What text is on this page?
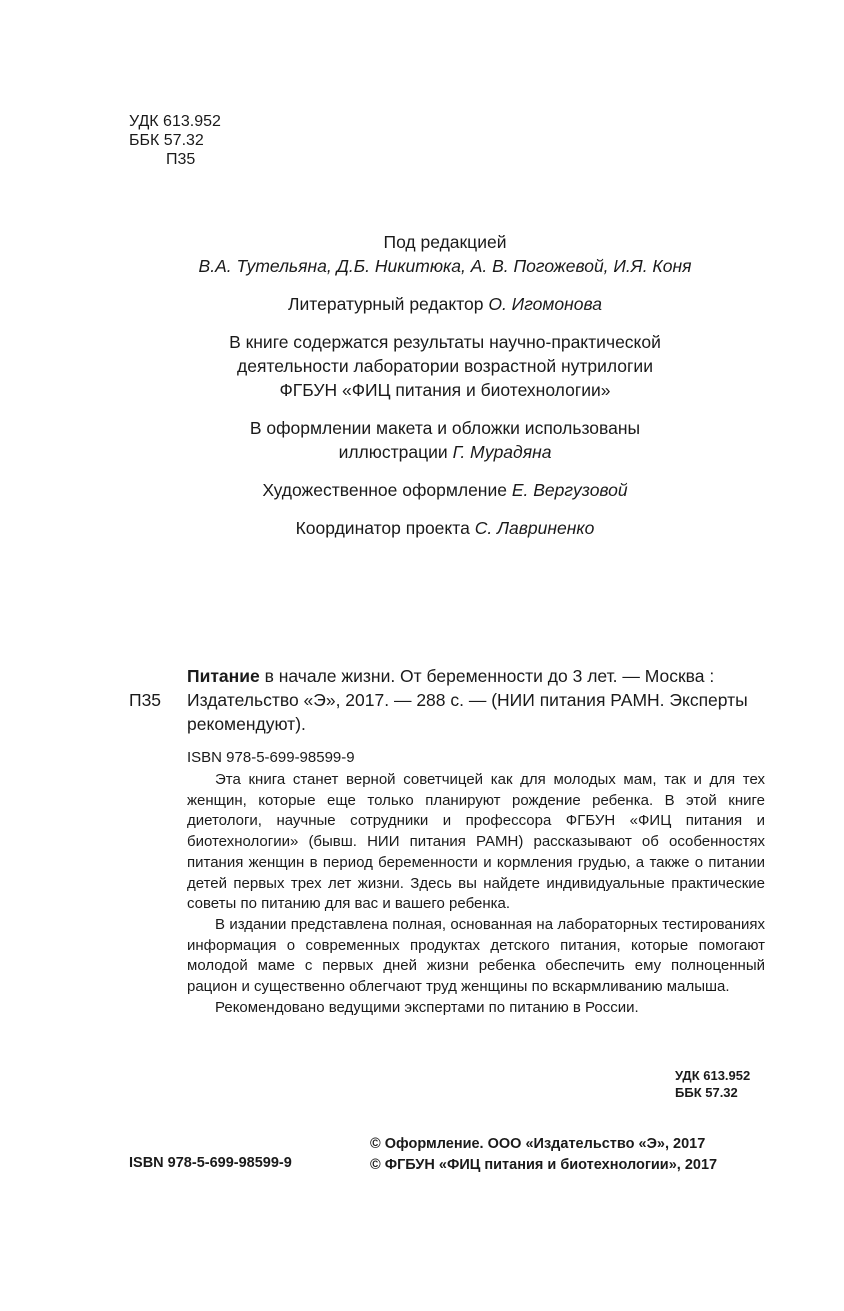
УДК 613.952
ББК 57.32
П35

Под редакцией

В.А. Тутельяна, Д.Б. Никитюка, А. В. Погожевой, И.Я. Коня

Литературный редактор О. Игомонова

В книге содержатся результаты научно-практической

деятельности лаборатории возрастной нутрилогии

ФГБУН «ФИЦ питания и биотехнологии»

В оформлении макета и обложки использованы

иллюстрации Г. Мурадяна

Художественное оформление Е. Вергузовой

Координатор проекта С. Лавриненко

П35
Питание в начале жизни. От беременности до 3 лет. — Москва : Издательство «Э», 2017. — 288 с. — (НИИ питания РАМН. Эксперты рекомендуют).
ISBN 978-5-699-98599-9

Эта книга станет верной советчицей как для молодых мам, так и для тех женщин, которые еще только планируют рождение ребенка. В этой книге диетологи, научные сотрудники и профессора ФГБУН «ФИЦ питания и биотехнологии» (бывш. НИИ питания РАМН) рассказывают об особенностях питания женщин в период беременности и кормления грудью, а также о питании детей первых трех лет жизни. Здесь вы найдете индивидуальные практические советы по питанию для вас и вашего ребенка.

В издании представлена полная, основанная на лабораторных тестированиях информация о современных продуктах детского питания, которые помогают молодой маме с первых дней жизни ребенка обеспечить ему полноценный рацион и существенно облегчают труд женщины по вскармливанию малыша.

Рекомендовано ведущими экспертами по питанию в России.

УДК 613.952
ББК 57.32
ISBN 978-5-699-98599-9
© Оформление. ООО «Издательство «Э», 2017
© ФГБУН «ФИЦ питания и биотехнологии», 2017
